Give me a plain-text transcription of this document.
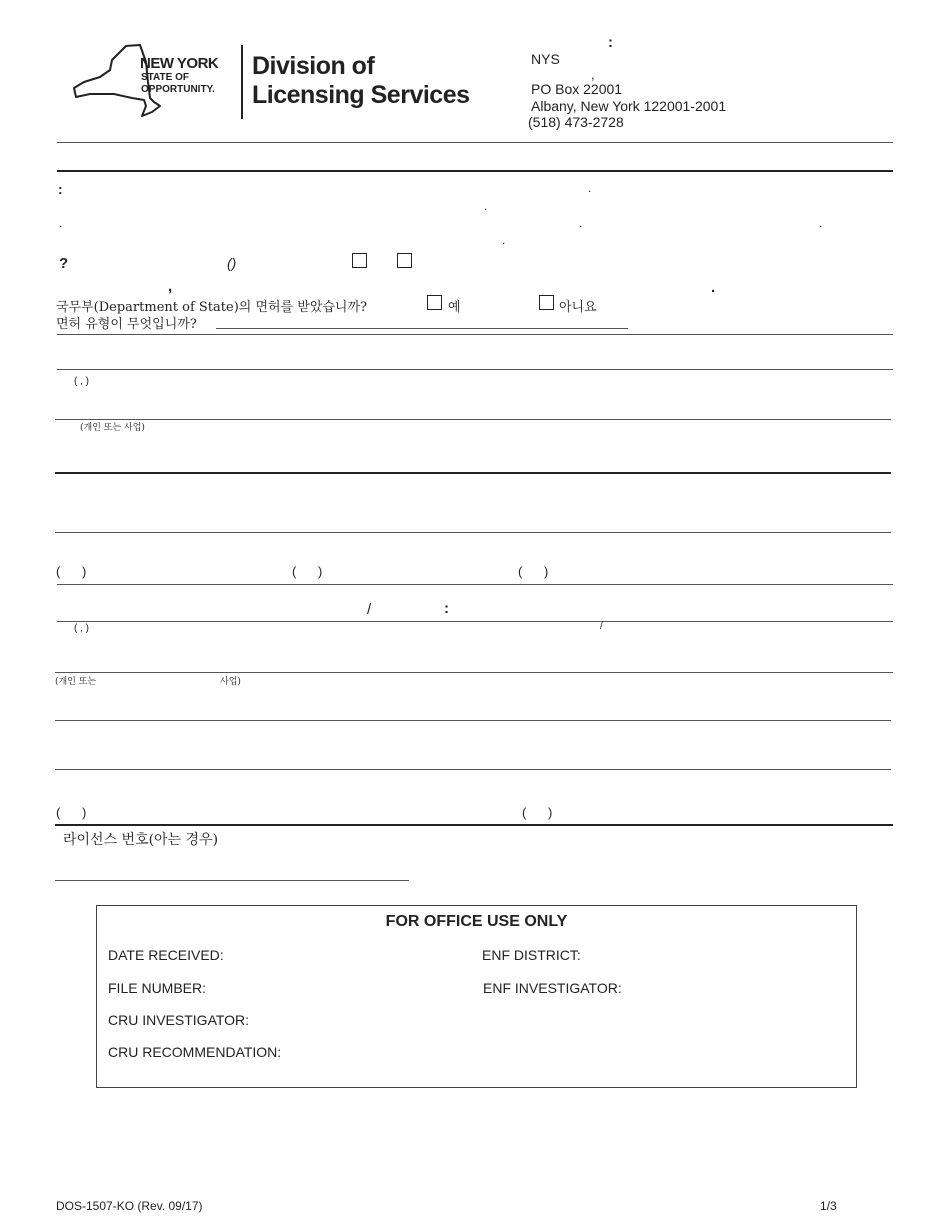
NEW YORK
STATE OF
OPPORTUNITY.
Division of
Licensing Services
:
NYS
,
PO Box 22001
Albany, New York 122001-2001
(518) 473-2728
:	.
.
.	.	.
.
?	()
,	.
국무부(Department of State)의 면허를 받았습니까?	예	아니요
면허 유형이 무엇입니까?
( , )
(개인 또는 사업)
(      )	(      )	(      )
/	:
( , )	/
(개인 또는	사업)
(      )	(      )
라이선스 번호(아는 경우)
FOR OFFICE USE ONLY
DATE RECEIVED:	ENF DISTRICT:
FILE NUMBER:	ENF INVESTIGATOR:
CRU INVESTIGATOR:
CRU RECOMMENDATION:
DOS-1507-KO (Rev. 09/17)	1/3
